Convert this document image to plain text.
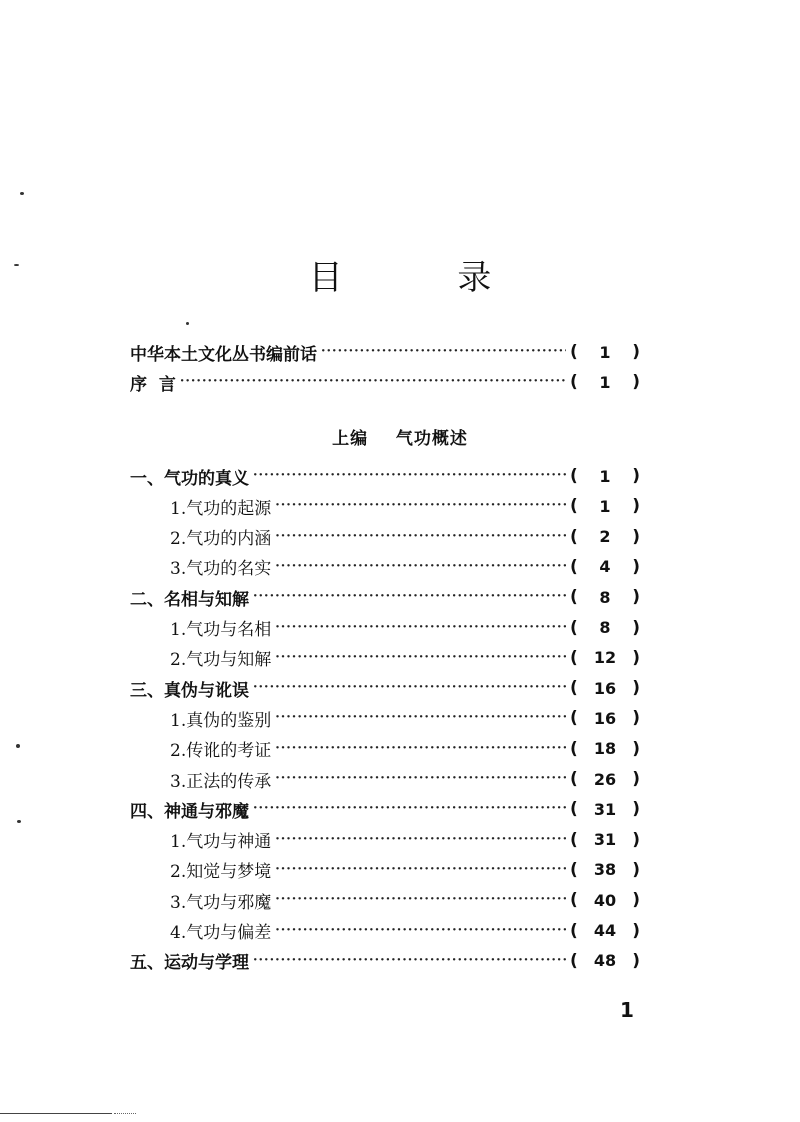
目 录
中华本土文化丛书编前话 ·····	(	1	)
序  言 ·····	(	1	)
上编 气功概述
一、气功的真义 ·····	(	1	)
1.气功的起源 ·····	(	1	)
2.气功的内涵 ·····	(	2	)
3.气功的名实 ·····	(	4	)
二、名相与知解 ·····	(	8	)
1.气功与名相 ·····	(	8	)
2.气功与知解 ·····	(	12 )
三、真伪与讹误 ·····	(	16 )
1.真伪的鉴别 ·····	(	16 )
2.传讹的考证 ·····	(	18 )
3.正法的传承 ·····	(	26 )
四、神通与邪魔 ·····	(	31 )
1.气功与神通 ·····	(	31 )
2.知觉与梦境 ·····	(	38 )
3.气功与邪魔 ·····	(	40 )
4.气功与偏差 ·····	(	44 )
五、运动与学理 ·····	(	48 )
1
